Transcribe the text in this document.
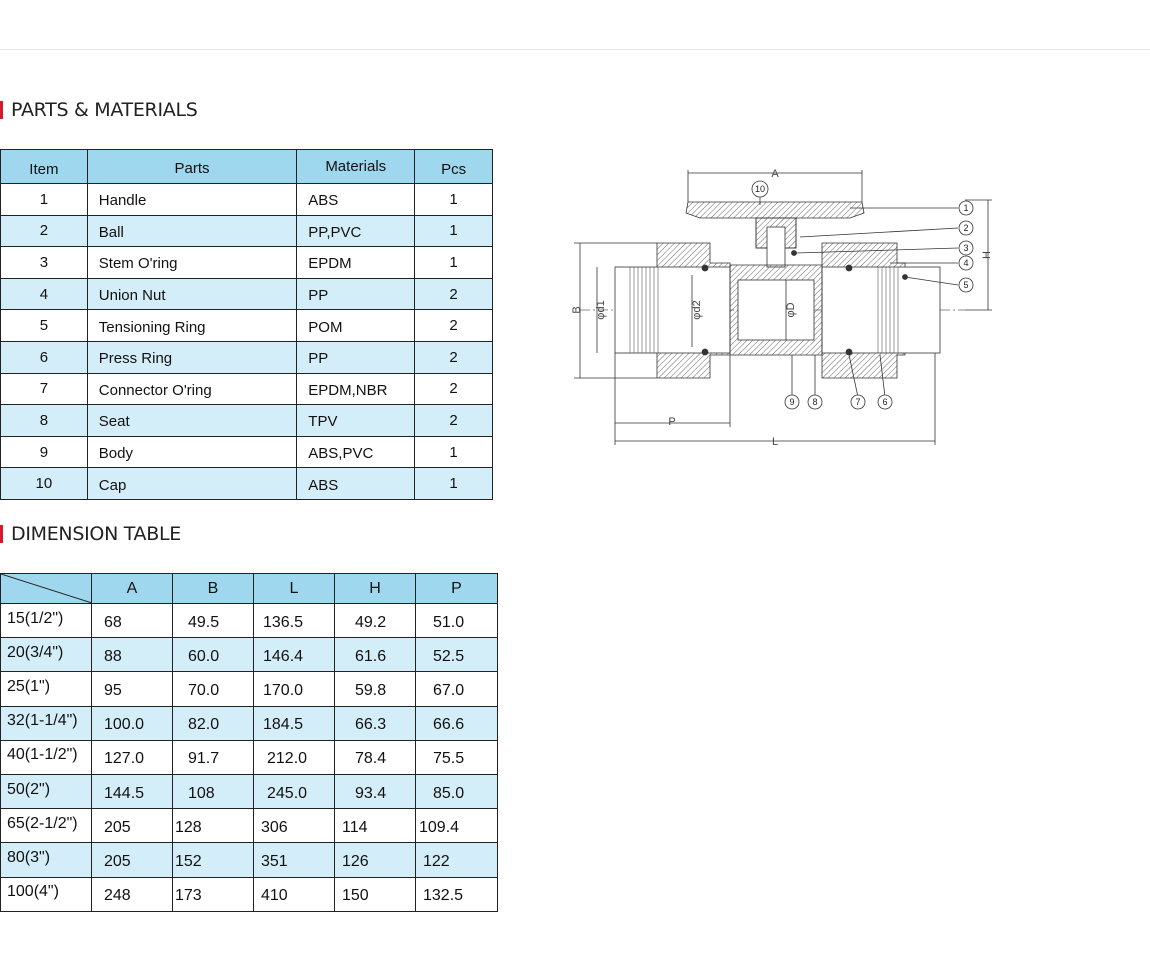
PARTS & MATERIALS
Item	Parts	Materials	Pcs
1	Handle	ABS	1
2	Ball	PP,PVC	1
3	Stem O'ring	EPDM	1
4	Union Nut	PP	2
5	Tensioning Ring	POM	2
6	Press Ring	PP	2
7	Connector O'ring	EPDM,NBR	2
8	Seat	TPV	2
9	Body	ABS,PVC	1
10	Cap	ABS	1
A
B φd1	φd2	φD
H
P
L
1
2
3
4
5
6
7
8
9
10
DIMENSION TABLE
	A	B	L	H	P
15(1/2")	68	49.5	136.5	49.2	51.0
20(3/4")	88	60.0	146.4	61.6	52.5
25(1")	95	70.0	170.0	59.8	67.0
32(1-1/4")	100.0	82.0	184.5	66.3	66.6
40(1-1/2")	127.0	91.7	212.0	78.4	75.5
50(2")	144.5	108	245.0	93.4	85.0
65(2-1/2")	205	128	306	114	109.4
80(3")	205	152	351	126	122
100(4")	248	173	410	150	132.5
